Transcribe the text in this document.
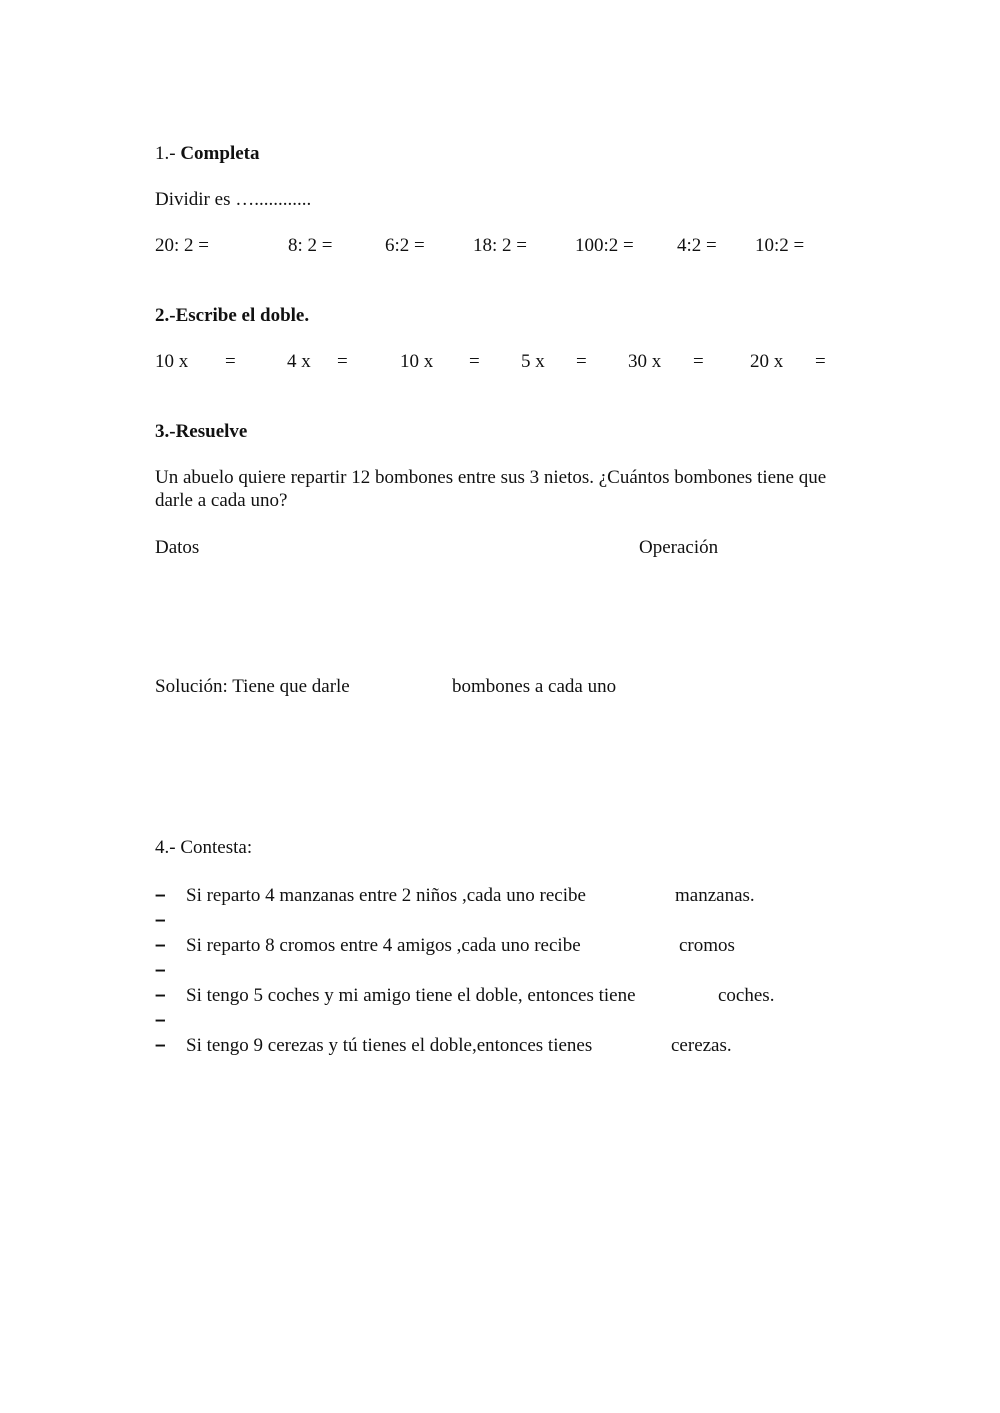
1.- Completa
Dividir es …............
20: 2 =	8: 2 =	6:2 =	18: 2 =	100:2 = 4:2 = 10:2 =
2.-Escribe el doble.
10 x =	4 x =	10 x = 5 x = 30 x = 20 x =
3.-Resuelve
Un abuelo quiere repartir 12 bombones entre sus 3 nietos. ¿Cuántos bombones tiene que
darle a cada uno?
Datos	Operación
Solución: Tiene que darle	bombones a cada uno
4.- Contesta:
– Si reparto 4 manzanas entre 2 niños ,cada uno recibe	manzanas.
–
– Si reparto 8 cromos entre 4 amigos ,cada uno recibe	cromos
–
– Si tengo 5 coches y mi amigo tiene el doble, entonces tiene	coches.
–
– Si tengo 9 cerezas y tú tienes el doble,entonces tienes	cerezas.
